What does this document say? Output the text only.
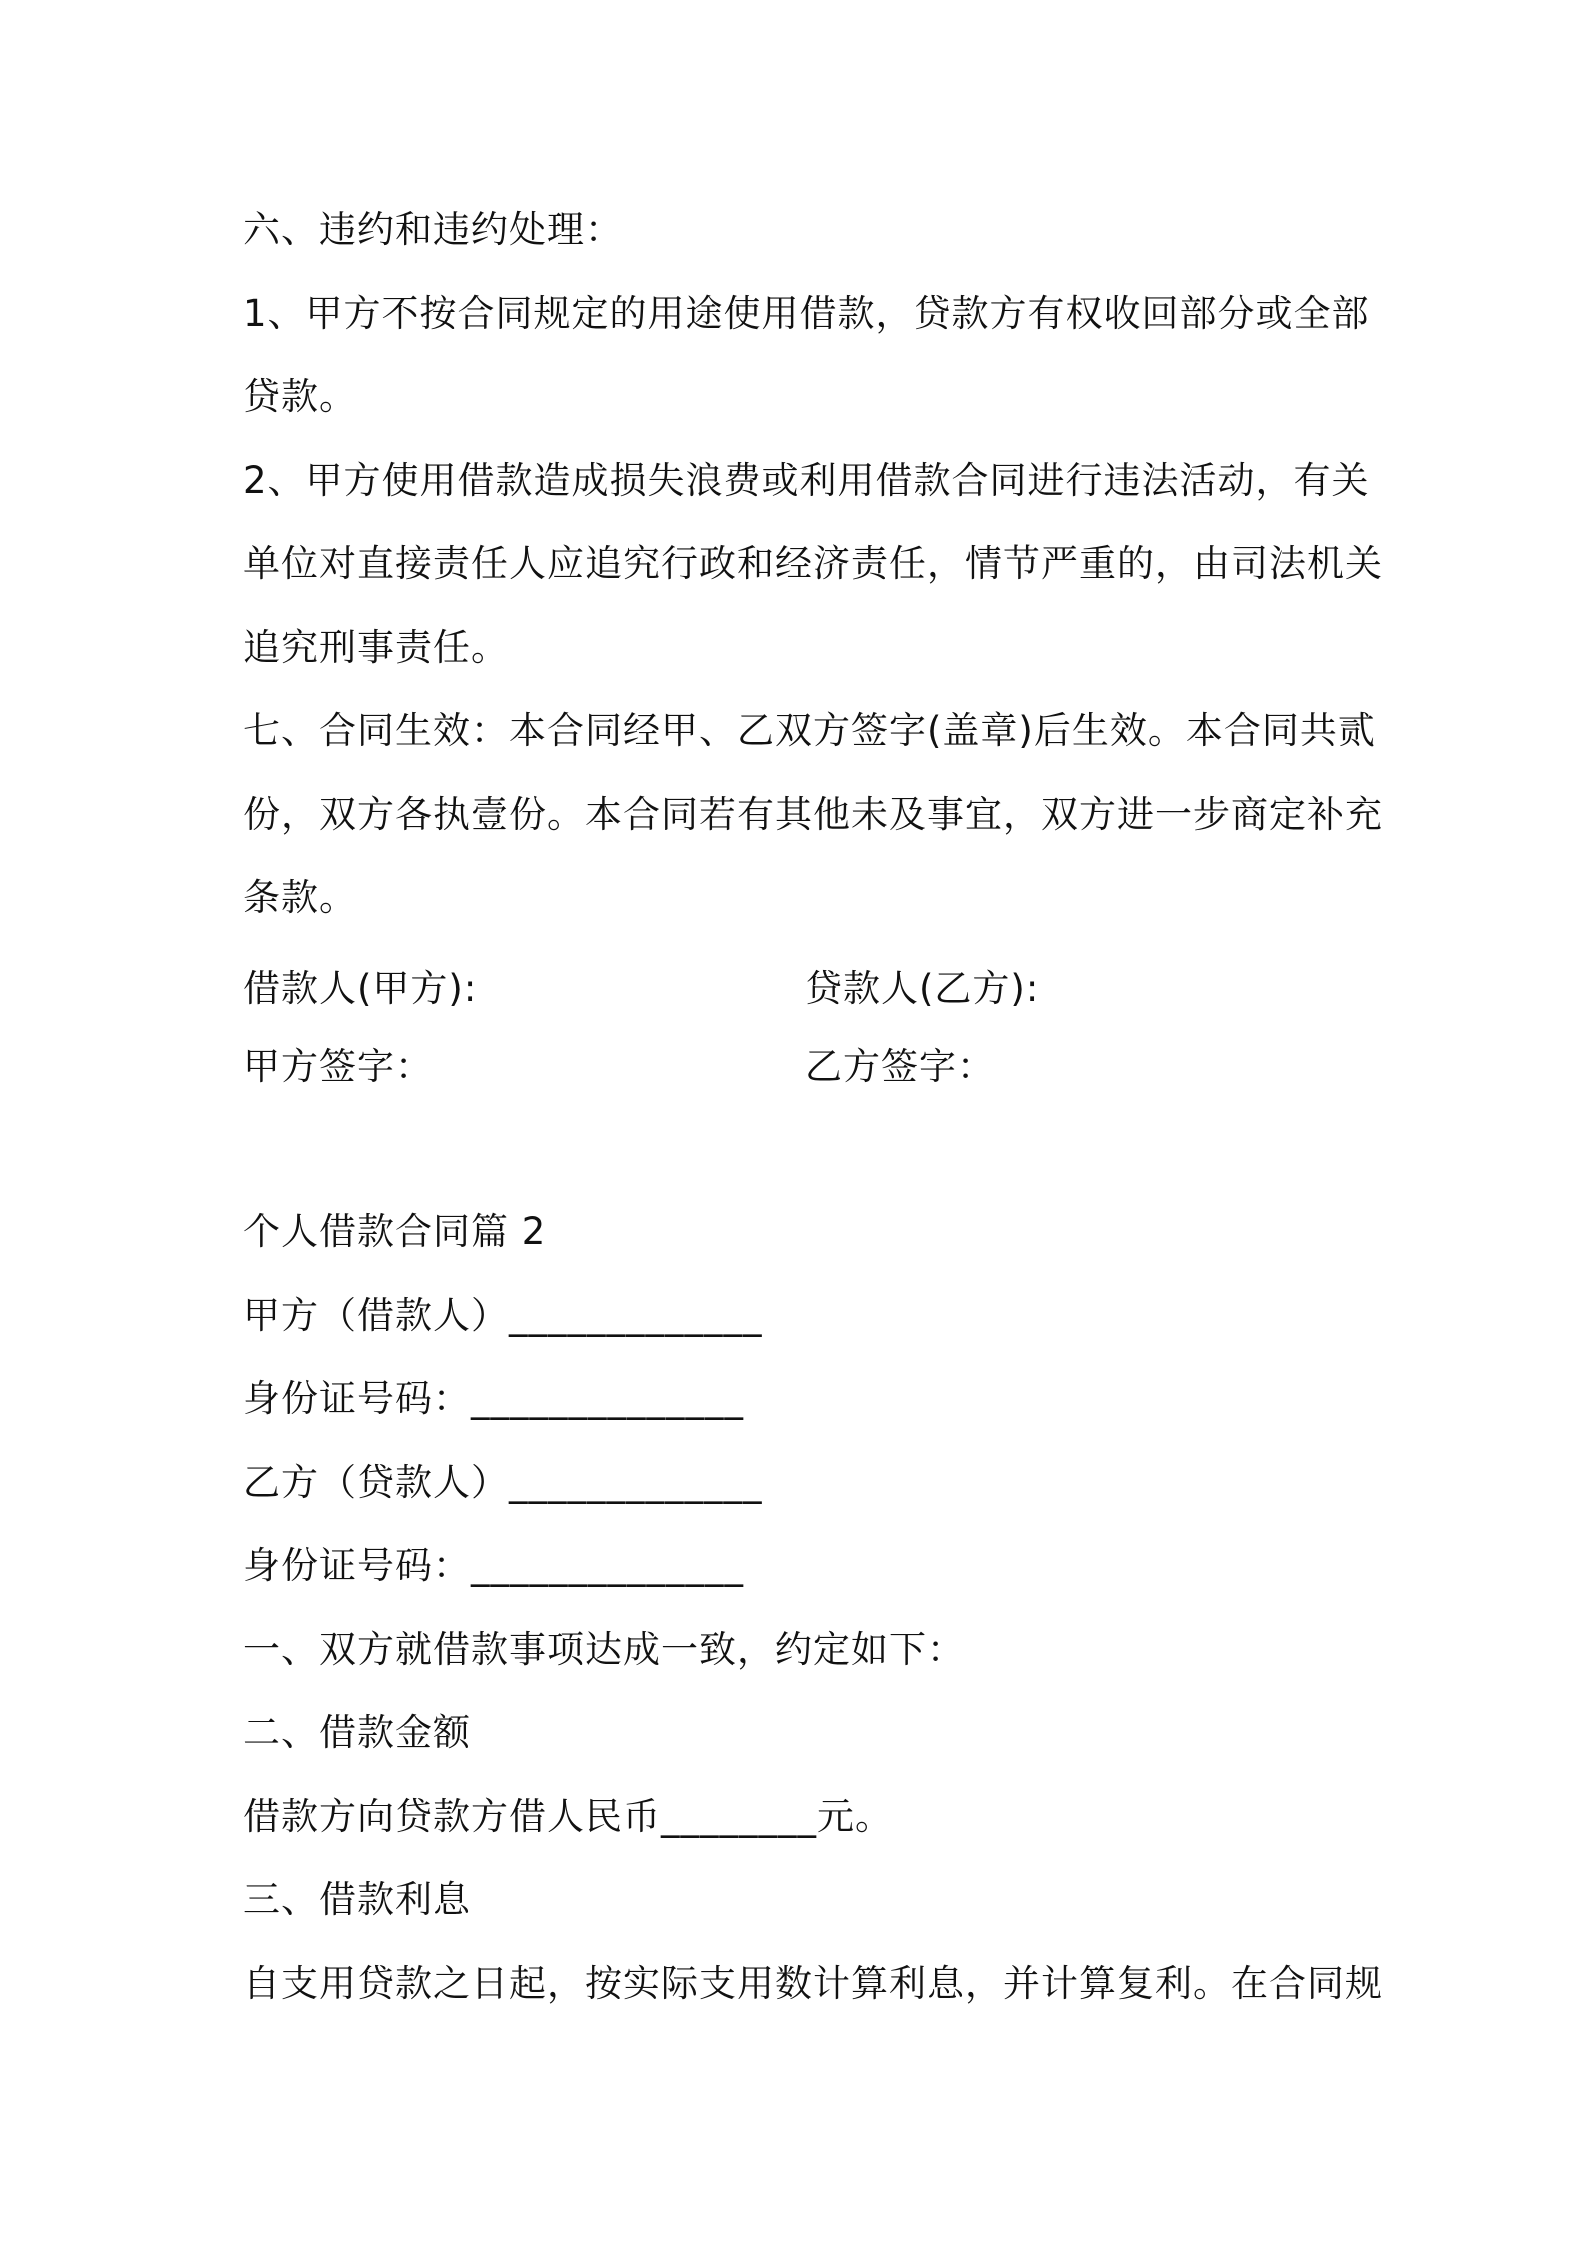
六、违约和违约处理：
1、甲方不按合同规定的用途使用借款，贷款方有权收回部分或全部
贷款。
2、甲方使用借款造成损失浪费或利用借款合同进行违法活动，有关
单位对直接责任人应追究行政和经济责任，情节严重的，由司法机关
追究刑事责任。
七、合同生效：本合同经甲、乙双方签字(盖章)后生效。本合同共贰
份，双方各执壹份。本合同若有其他未及事宜，双方进一步商定补充
条款。
借款人(甲方):	贷款人(乙方):
甲方签字：	乙方签字：
个人借款合同篇 2
甲方（借款人）_____________
身份证号码：______________
乙方（贷款人）_____________
身份证号码：______________
一、双方就借款事项达成一致，约定如下：
二、借款金额
借款方向贷款方借人民币________元。
三、借款利息
自支用贷款之日起，按实际支用数计算利息，并计算复利。在合同规
